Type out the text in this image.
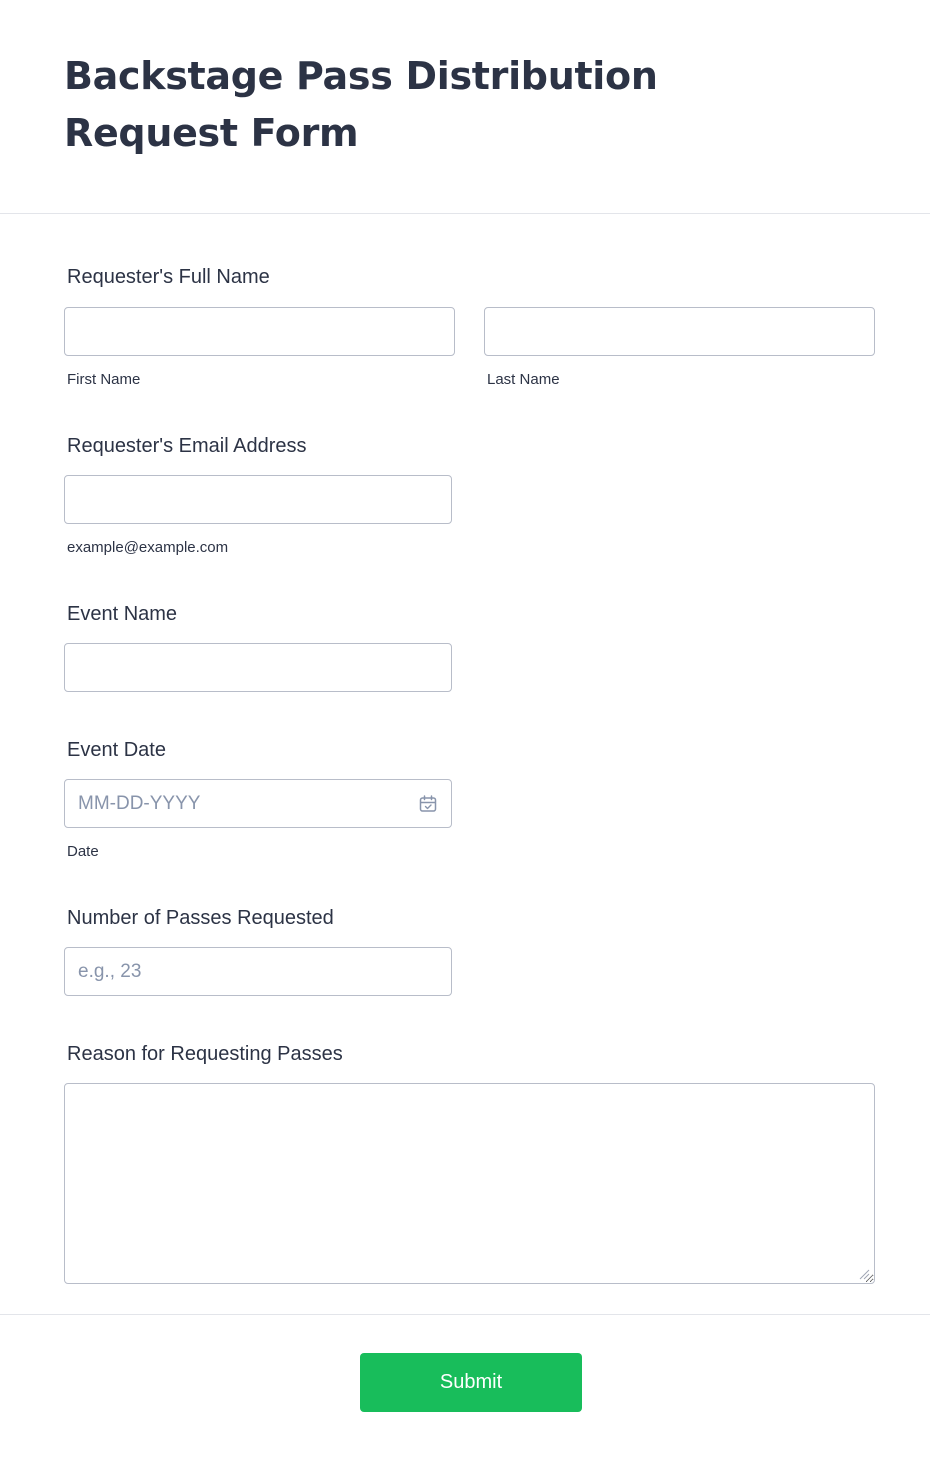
Backstage Pass Distribution Request Form
Requester's Full Name
First Name	Last Name
Requester's Email Address
example@example.com
Event Name
Event Date
MM-DD-YYYY
Date
Number of Passes Requested
e.g., 23
Reason for Requesting Passes
Submit
